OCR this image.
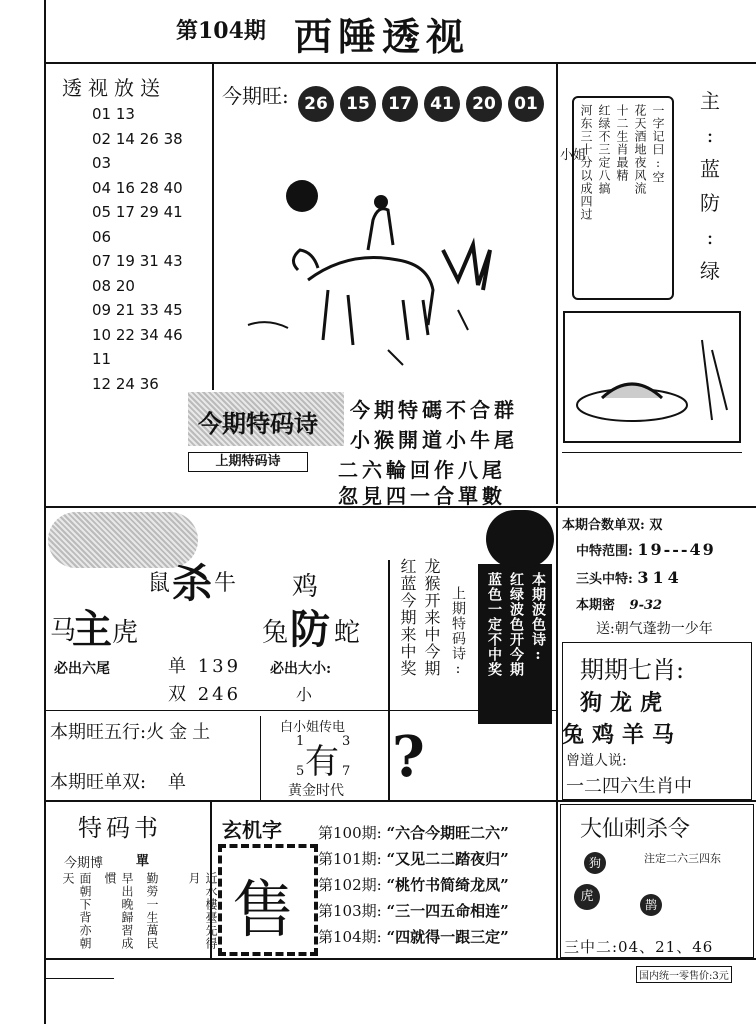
第104期 西陲透视
透视放送
01 13
02 14 26 38
03
04 16 28 40
05 17 29 41
06
07 19 31 43
08 20
09 21 33 45
10 22 34 46
11
12 24 36
今期旺: 26	15	17	41	20	01	河东三十分以成四过 红绿不三定八搞 十二生肖最精 花天酒地夜风流 一字记曰:空
小姐
主
:
蓝
防
:
绿
今期特码诗
上期特码诗
今期特碼不合群
小猴開道小牛尾
二六輪回作八尾
忽見四一合單數
鼠 杀 牛 鸡
马
主 虎	兔 防 蛇
必出六尾	单 139
双 246
必出大小:
小
本期旺五行:火金土
本期旺单双: 单
白小姐传电
1	3
5	7
有
黄金时代
红蓝今期来中奖 龙猴开来中今期 上期特码诗: 蓝色一定不中奖 红绿波色开今期 本期波色诗:
?
本期合数单双: 双
中特范围: 19---49
三头中特: 314
本期密 9-32
送:朝气蓬勃一少年
期期七肖:
狗龙虎
兔鸡羊马
曾道人说:
一二四六生肖中
特码书
今期博	單
近水樓臺先得月
勤勞一生萬民
早出晚歸習成慣
面朝下背亦朝天
玄机字
售
第100期: “六合今期旺二六”
第101期: “又见二二踏夜归”
第102期: “桃竹书简绮龙凤”
第103期: “三一四五命相连”
第104期: “四就得一跟三定”
大仙刺杀令
注定二六三四东
狗
虎
鹊
三中二:04、21、46
国内统一零售价:3元
